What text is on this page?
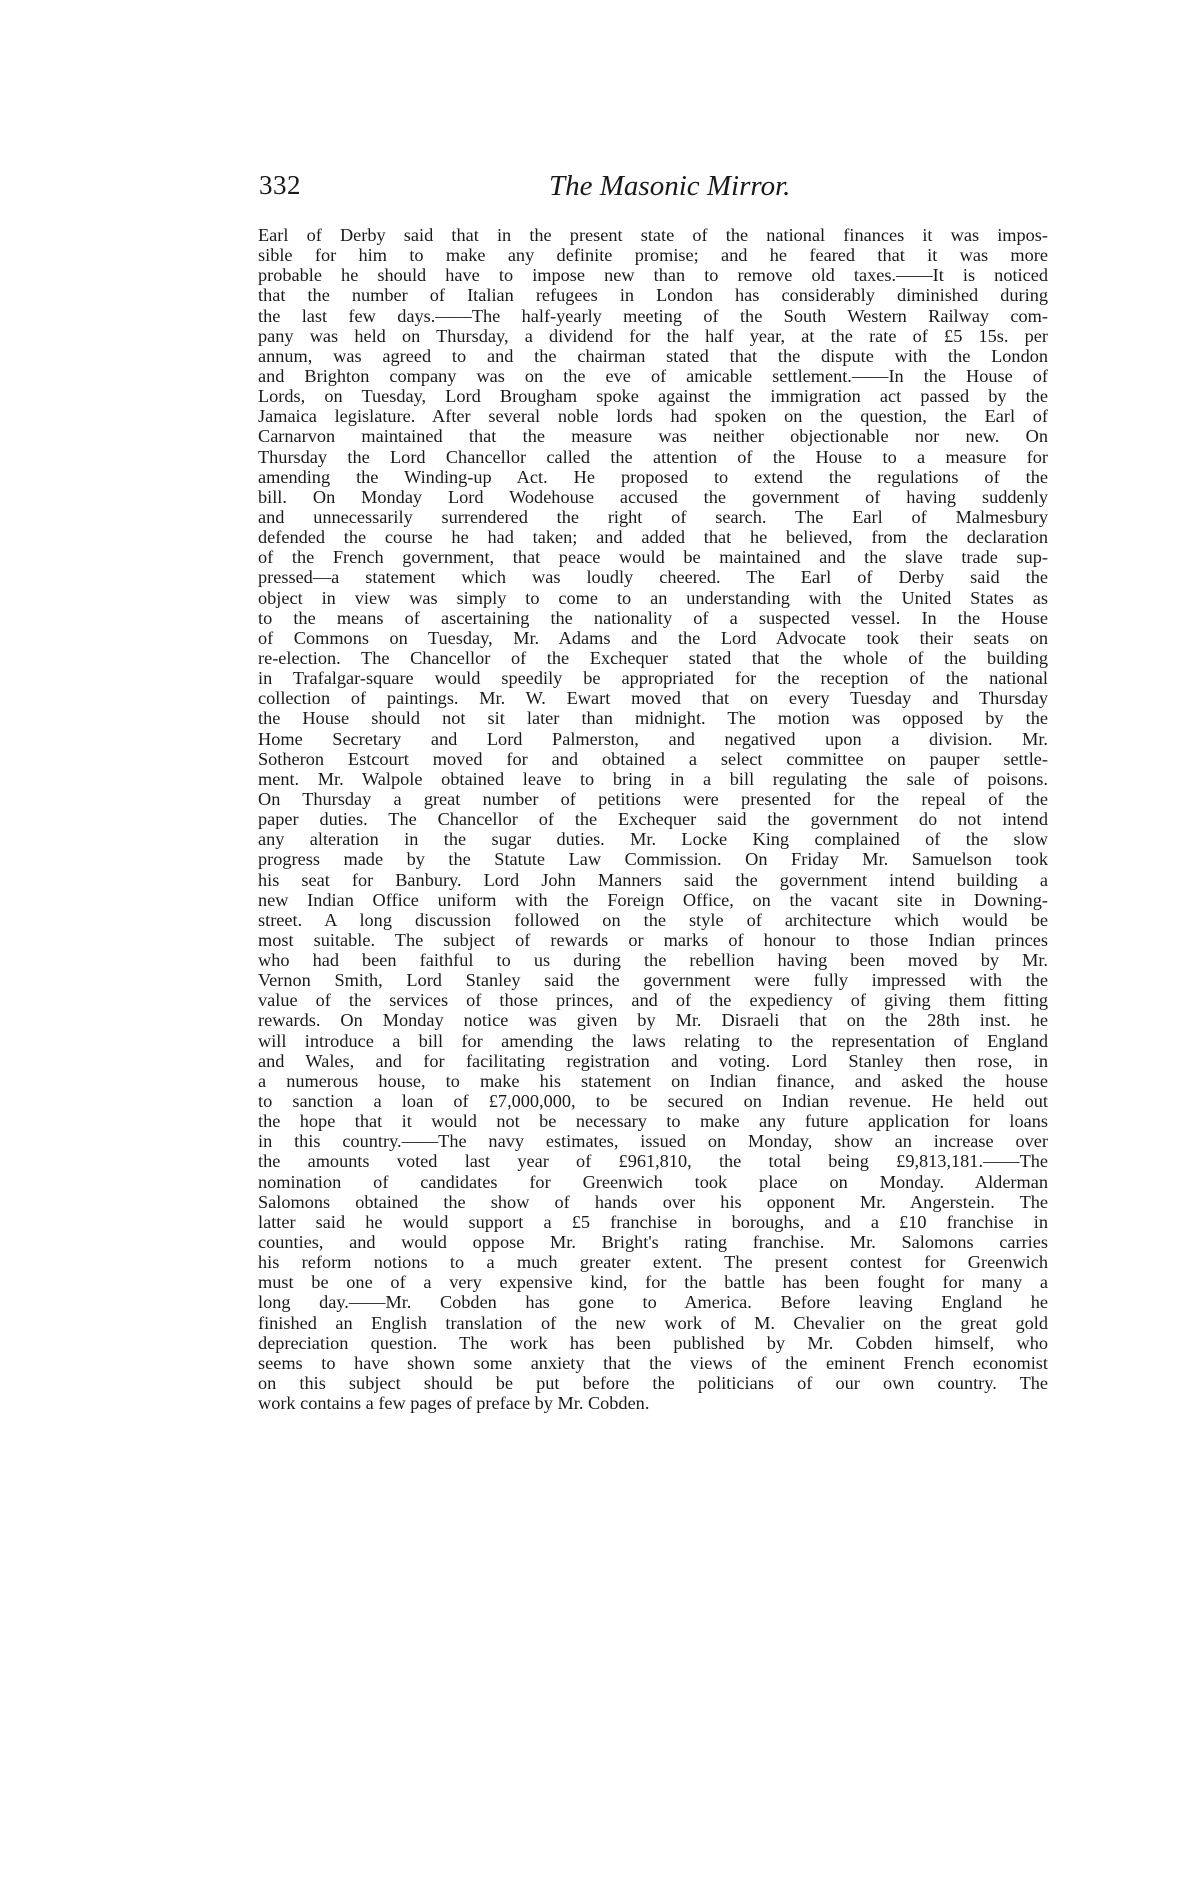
332	The Masonic Mirror.
Earl of Derby said that in the present state of the national finances it was impos-
sible for him to make any definite promise; and he feared that it was more
probable he should have to impose new than to remove old taxes.——It is noticed
that the number of Italian refugees in London has considerably diminished during
the last few days.——The half-yearly meeting of the South Western Railway com-
pany was held on Thursday, a dividend for the half year, at the rate of £5 15s. per
annum, was agreed to and the chairman stated that the dispute with the London
and Brighton company was on the eve of amicable settlement.——In the House of
Lords, on Tuesday, Lord Brougham spoke against the immigration act passed by the
Jamaica legislature. After several noble lords had spoken on the question, the Earl of
Carnarvon maintained that the measure was neither objectionable nor new. On
Thursday the Lord Chancellor called the attention of the House to a measure for
amending the Winding-up Act. He proposed to extend the regulations of the
bill. On Monday Lord Wodehouse accused the government of having suddenly
and unnecessarily surrendered the right of search. The Earl of Malmesbury
defended the course he had taken; and added that he believed, from the declaration
of the French government, that peace would be maintained and the slave trade sup-
pressed—a statement which was loudly cheered. The Earl of Derby said the
object in view was simply to come to an understanding with the United States as
to the means of ascertaining the nationality of a suspected vessel. In the House
of Commons on Tuesday, Mr. Adams and the Lord Advocate took their seats on
re-election. The Chancellor of the Exchequer stated that the whole of the building
in Trafalgar-square would speedily be appropriated for the reception of the national
collection of paintings. Mr. W. Ewart moved that on every Tuesday and Thursday
the House should not sit later than midnight. The motion was opposed by the
Home Secretary and Lord Palmerston, and negatived upon a division. Mr.
Sotheron Estcourt moved for and obtained a select committee on pauper settle-
ment. Mr. Walpole obtained leave to bring in a bill regulating the sale of poisons.
On Thursday a great number of petitions were presented for the repeal of the
paper duties. The Chancellor of the Exchequer said the government do not intend
any alteration in the sugar duties. Mr. Locke King complained of the slow
progress made by the Statute Law Commission. On Friday Mr. Samuelson took
his seat for Banbury. Lord John Manners said the government intend building a
new Indian Office uniform with the Foreign Office, on the vacant site in Downing-
street. A long discussion followed on the style of architecture which would be
most suitable. The subject of rewards or marks of honour to those Indian princes
who had been faithful to us during the rebellion having been moved by Mr.
Vernon Smith, Lord Stanley said the government were fully impressed with the
value of the services of those princes, and of the expediency of giving them fitting
rewards. On Monday notice was given by Mr. Disraeli that on the 28th inst. he
will introduce a bill for amending the laws relating to the representation of England
and Wales, and for facilitating registration and voting. Lord Stanley then rose, in
a numerous house, to make his statement on Indian finance, and asked the house
to sanction a loan of £7,000,000, to be secured on Indian revenue. He held out
the hope that it would not be necessary to make any future application for loans
in this country.——The navy estimates, issued on Monday, show an increase over
the amounts voted last year of £961,810, the total being £9,813,181.——The
nomination of candidates for Greenwich took place on Monday. Alderman
Salomons obtained the show of hands over his opponent Mr. Angerstein. The
latter said he would support a £5 franchise in boroughs, and a £10 franchise in
counties, and would oppose Mr. Bright's rating franchise. Mr. Salomons carries
his reform notions to a much greater extent. The present contest for Greenwich
must be one of a very expensive kind, for the battle has been fought for many a
long day.——Mr. Cobden has gone to America. Before leaving England he
finished an English translation of the new work of M. Chevalier on the great gold
depreciation question. The work has been published by Mr. Cobden himself, who
seems to have shown some anxiety that the views of the eminent French economist
on this subject should be put before the politicians of our own country. The
work contains a few pages of preface by Mr. Cobden.
